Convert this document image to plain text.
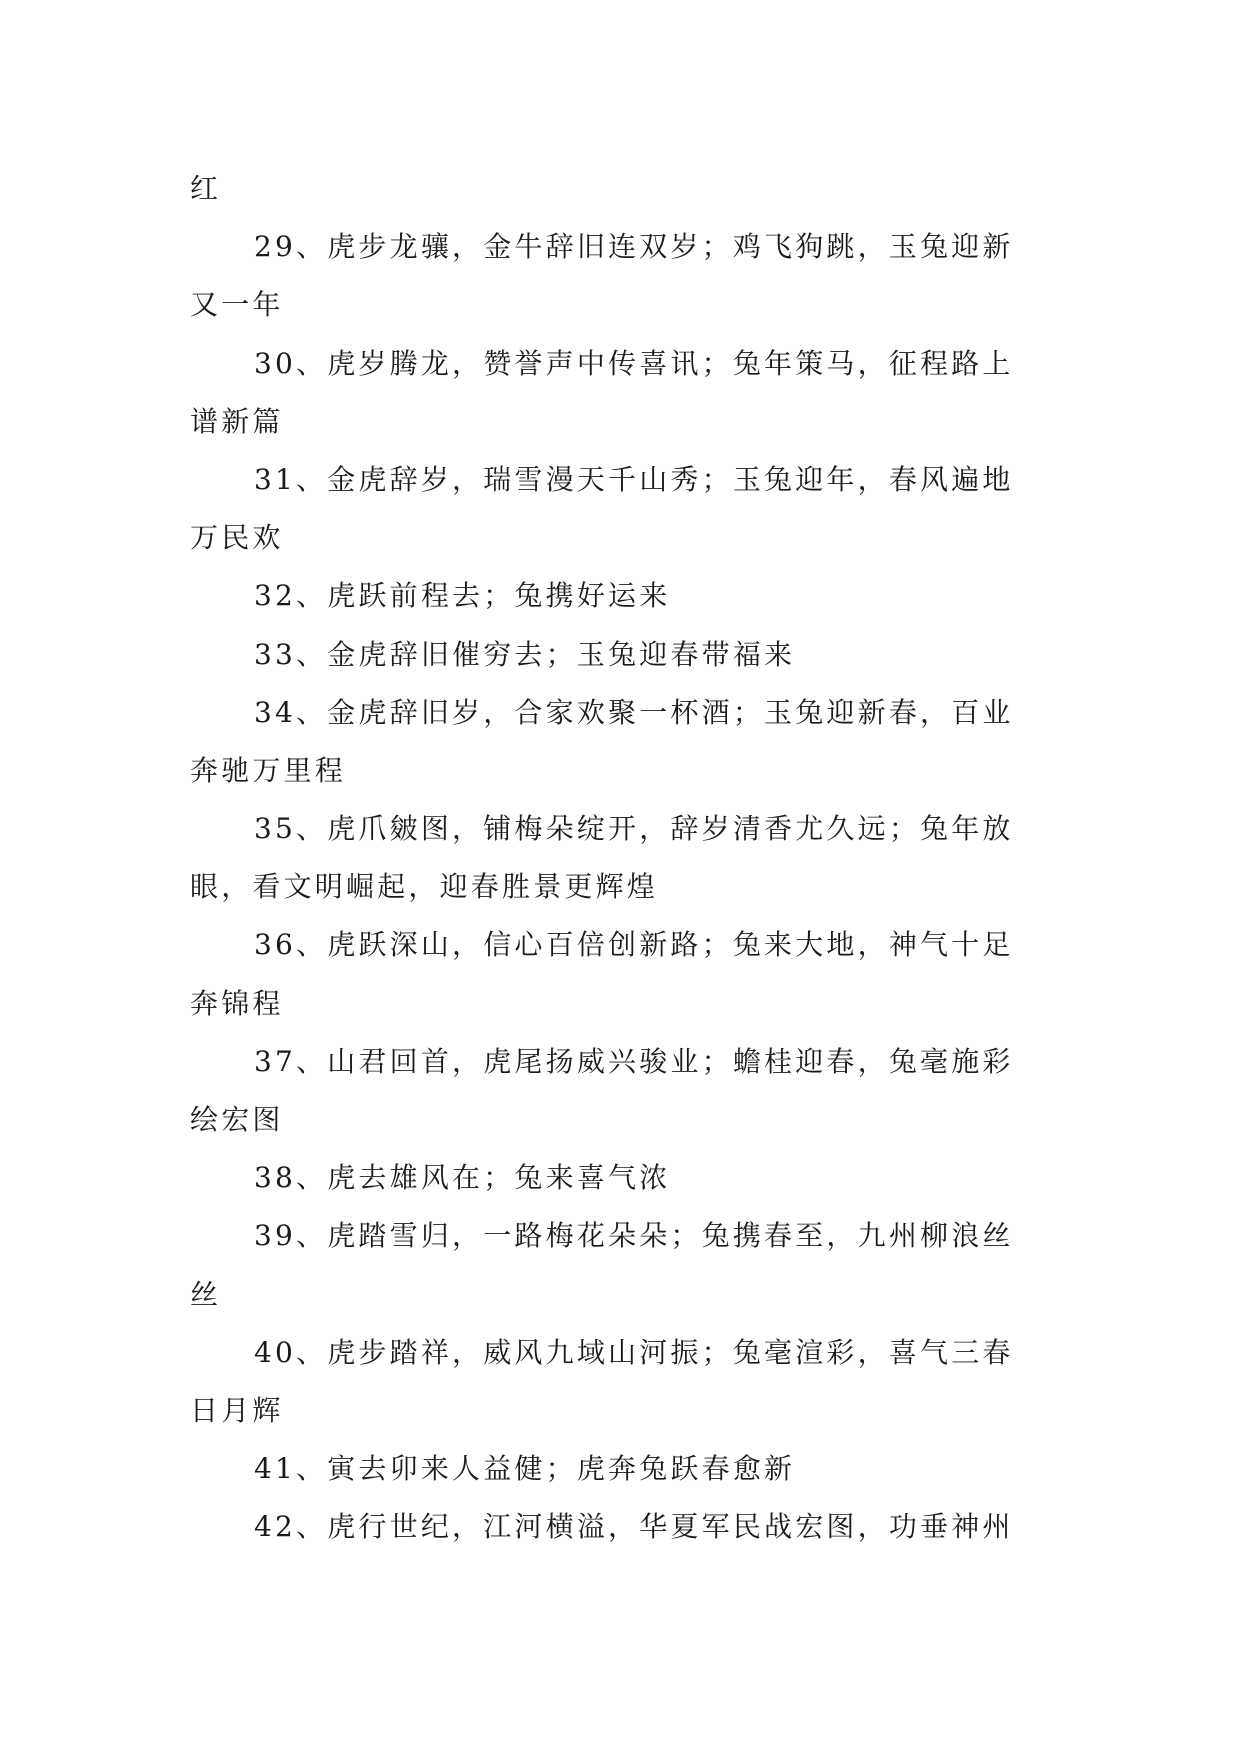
红
29、虎步龙骧，金牛辞旧连双岁；鸡飞狗跳，玉兔迎新
又一年
30、虎岁腾龙，赞誉声中传喜讯；兔年策马，征程路上
谱新篇
31、金虎辞岁，瑞雪漫天千山秀；玉兔迎年，春风遍地
万民欢
32、虎跃前程去；兔携好运来
33、金虎辞旧催穷去；玉兔迎春带福来
34、金虎辞旧岁，合家欢聚一杯酒；玉兔迎新春，百业
奔驰万里程
35、虎爪皴图，铺梅朵绽开，辞岁清香尤久远；兔年放
眼，看文明崛起，迎春胜景更辉煌
36、虎跃深山，信心百倍创新路；兔来大地，神气十足
奔锦程
37、山君回首，虎尾扬威兴骏业；蟾桂迎春，兔毫施彩
绘宏图
38、虎去雄风在；兔来喜气浓
39、虎踏雪归，一路梅花朵朵；兔携春至，九州柳浪丝
丝
40、虎步踏祥，威风九域山河振；兔毫渲彩，喜气三春
日月辉
41、寅去卯来人益健；虎奔兔跃春愈新
42、虎行世纪，江河横溢，华夏军民战宏图，功垂神州
